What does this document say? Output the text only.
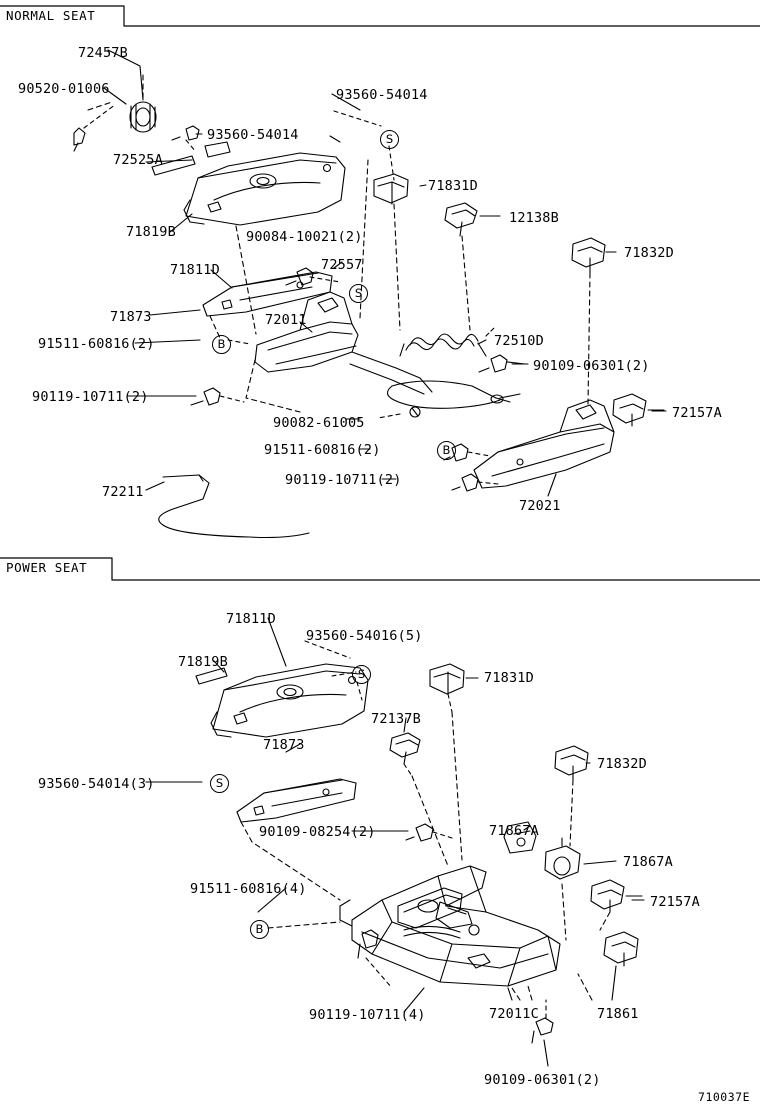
NORMAL SEAT
POWER SEAT
72457B
90520-01006	93560-54014
93560-54014
72525A
71831D
12138B
71819B	90084-10021(2)
71832D
71811D	72557
71873	72011
91511-60816(2)	72510D
90109-06301(2)
90119-10711(2)
90082-61005
72157A
91511-60816(2)
90119-10711(2)
72211
72021
S
S
B
B
71811D
93560-54016(5)
71819B
71831D
72137B
71873
71832D
93560-54014(3)
71867A
90109-08254(2)
71867A
72157A
91511-60816(4)
90119-10711(4)	72011C	71861
90109-06301(2)
S
S
B
710037E
